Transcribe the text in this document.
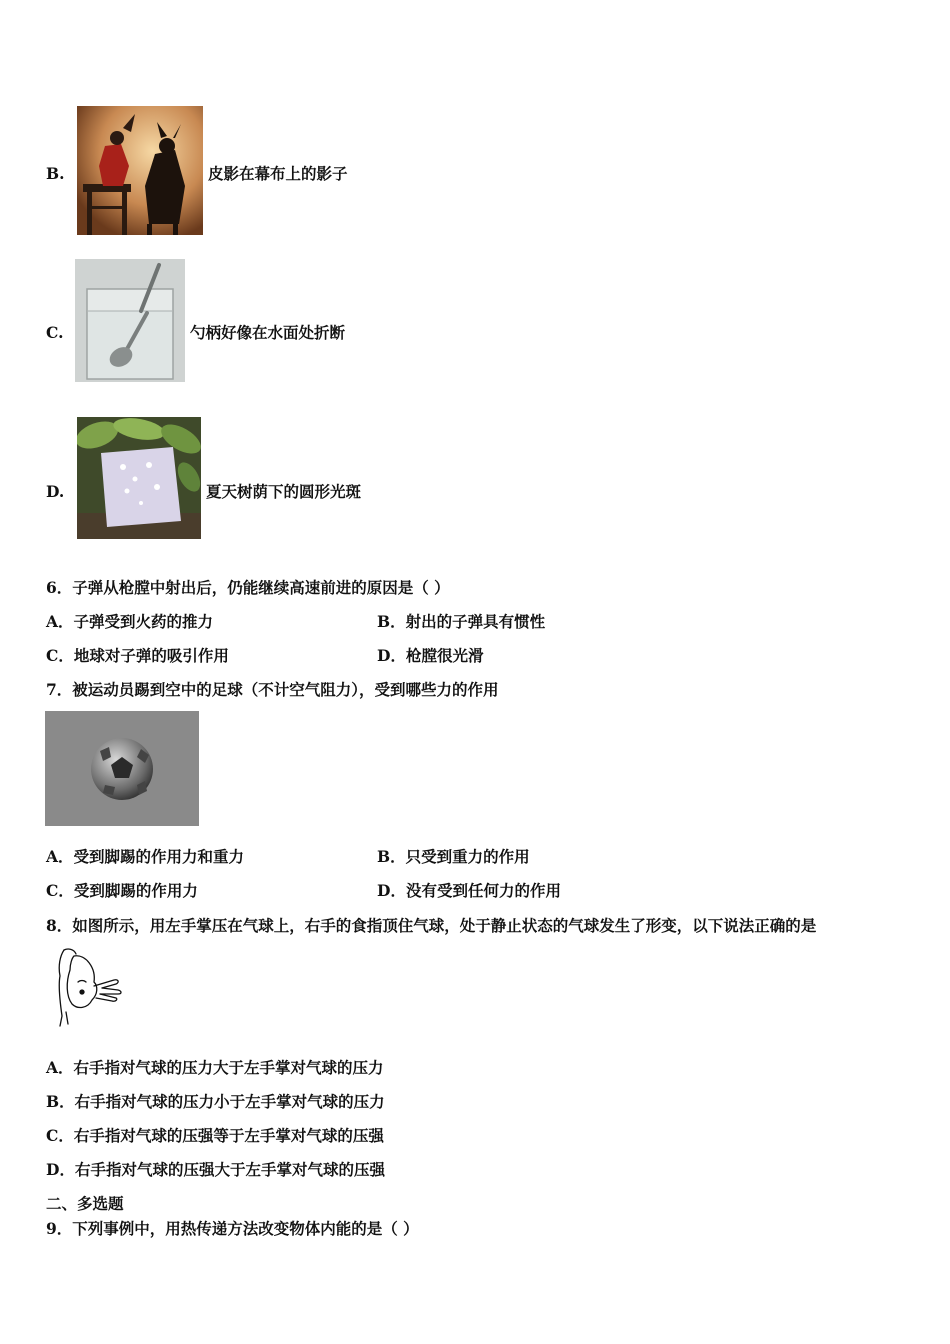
B.	皮影在幕布上的影子
C.	勺柄好像在水面处折断
D.	夏天树荫下的圆形光斑
6．子弹从枪膛中射出后，仍能继续高速前进的原因是（ ）
A．子弹受到火药的推力	B．射出的子弹具有惯性
C．地球对子弹的吸引作用	D．枪膛很光滑
7．被运动员踢到空中的足球（不计空气阻力），受到哪些力的作用
A．受到脚踢的作用力和重力	B．只受到重力的作用
C．受到脚踢的作用力	D．没有受到任何力的作用
8．如图所示，用左手掌压在气球上，右手的食指顶住气球，处于静止状态的气球发生了形变，以下说法正确的是
A．右手指对气球的压力大于左手掌对气球的压力
B．右手指对气球的压力小于左手掌对气球的压力
C．右手指对气球的压强等于左手掌对气球的压强
D．右手指对气球的压强大于左手掌对气球的压强
二、多选题
9．下列事例中，用热传递方法改变物体内能的是（ ）
